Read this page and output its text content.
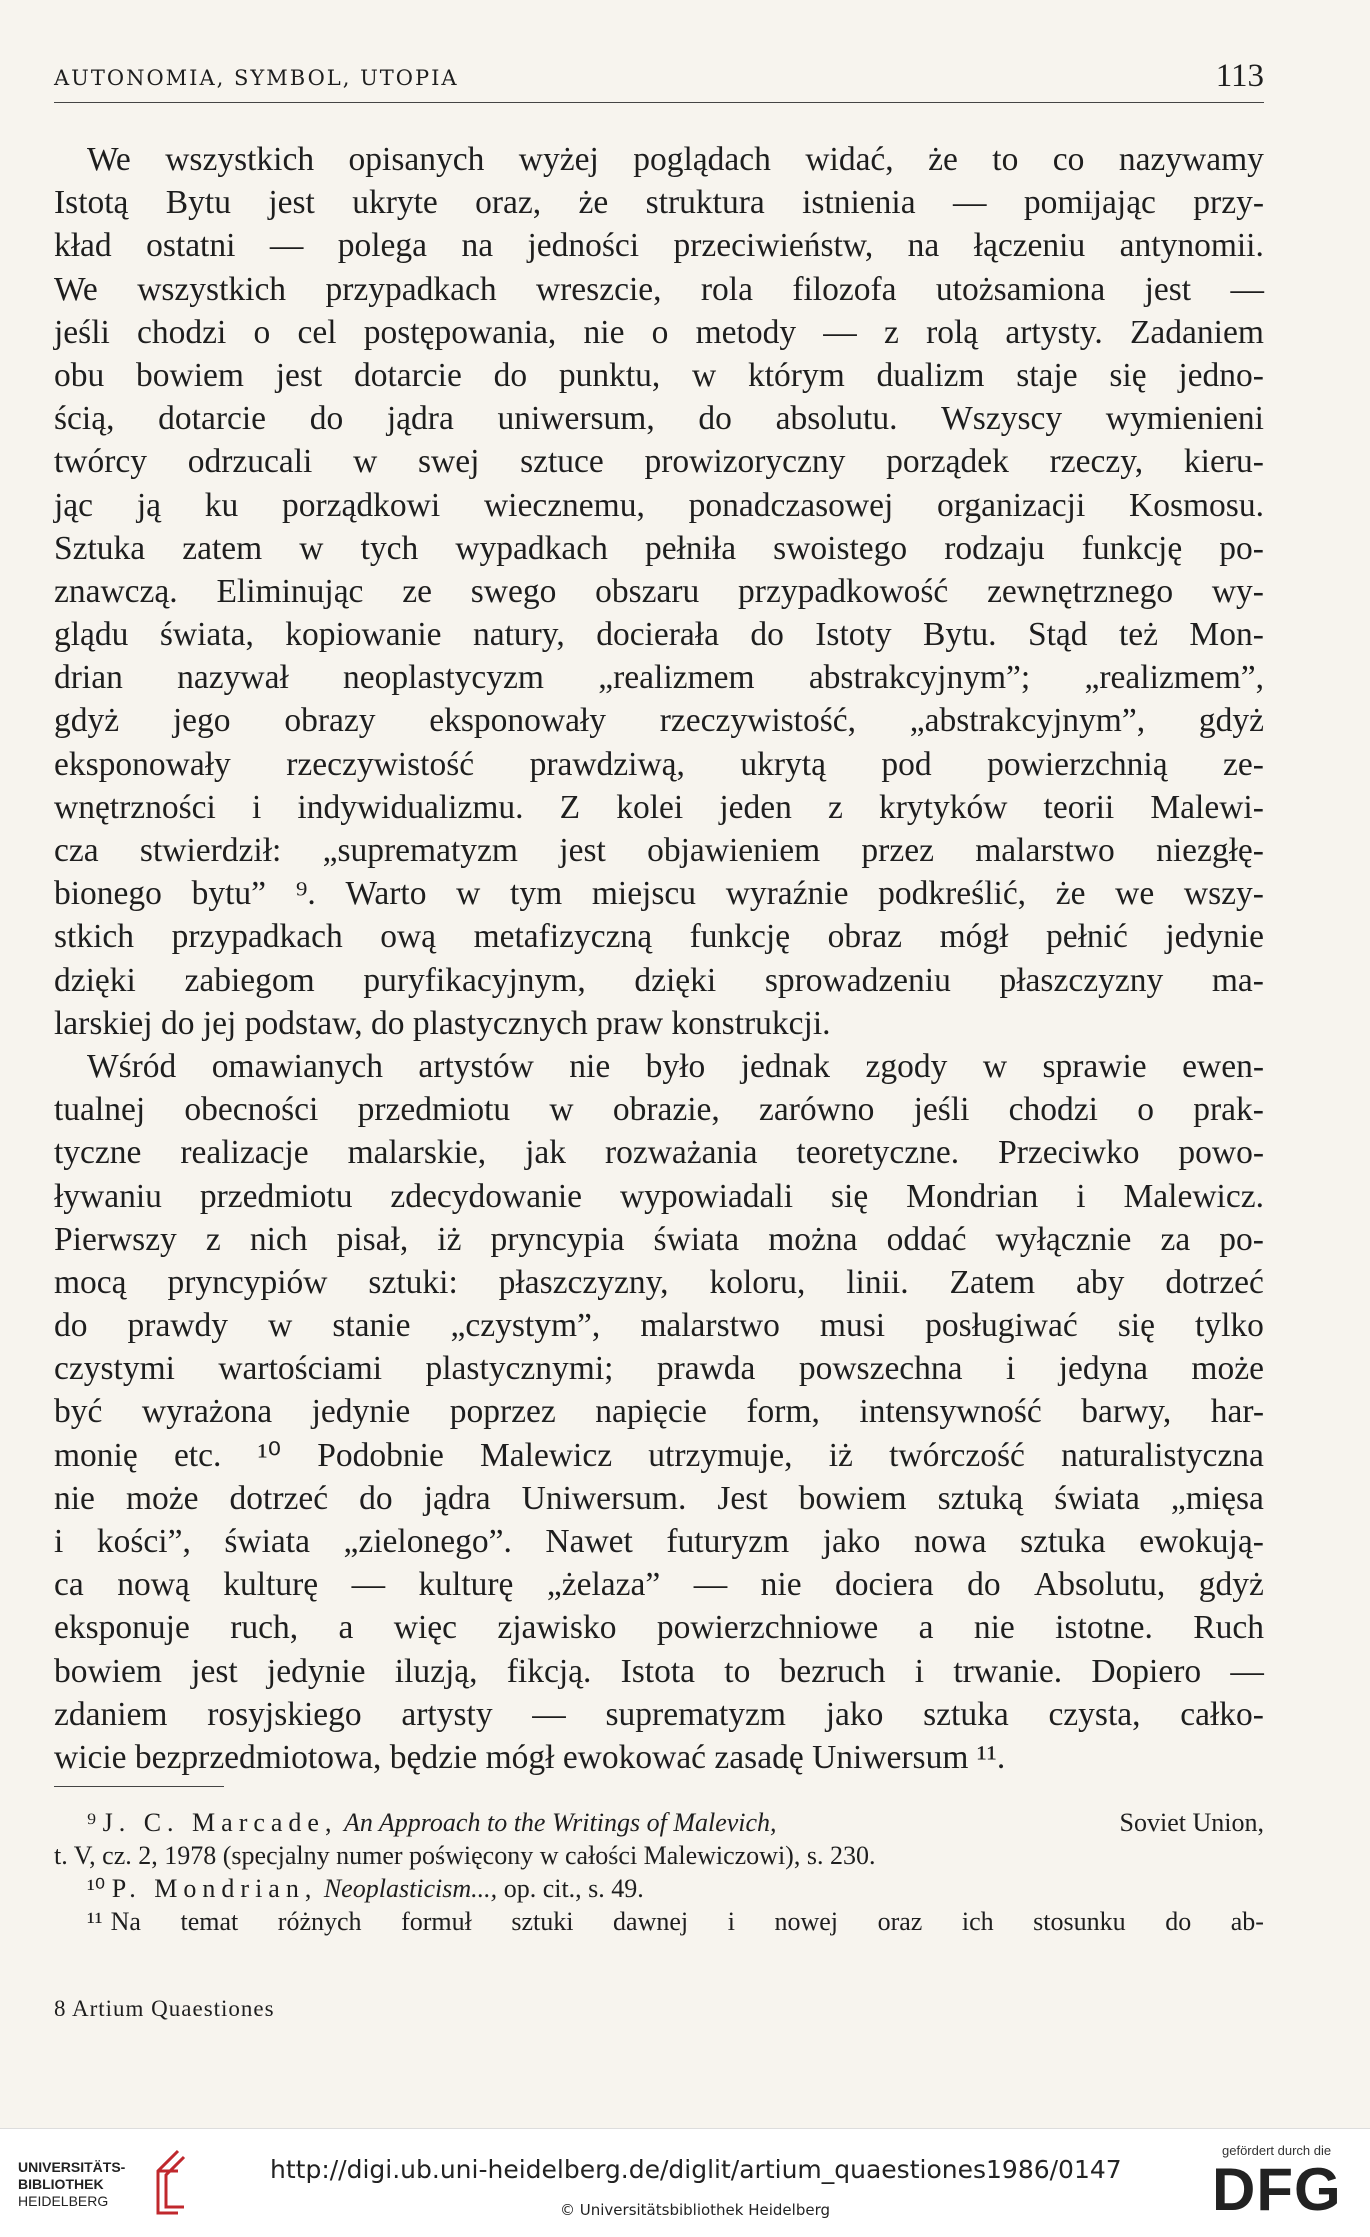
AUTONOMIA, SYMBOL, UTOPIA	113
We wszystkich opisanych wyżej poglądach widać, że to co nazywamy
Istotą Bytu jest ukryte oraz, że struktura istnienia — pomijając przy-
kład ostatni — polega na jedności przeciwieństw, na łączeniu antynomii.
We wszystkich przypadkach wreszcie, rola filozofa utożsamiona jest —
jeśli chodzi o cel postępowania, nie o metody — z rolą artysty. Zadaniem
obu bowiem jest dotarcie do punktu, w którym dualizm staje się jedno-
ścią, dotarcie do jądra uniwersum, do absolutu. Wszyscy wymienieni
twórcy odrzucali w swej sztuce prowizoryczny porządek rzeczy, kieru-
jąc ją ku porządkowi wiecznemu, ponadczasowej organizacji Kosmosu.
Sztuka zatem w tych wypadkach pełniła swoistego rodzaju funkcję po-
znawczą. Eliminując ze swego obszaru przypadkowość zewnętrznego wy-
glądu świata, kopiowanie natury, docierała do Istoty Bytu. Stąd też Mon-
drian nazywał neoplastycyzm „realizmem abstrakcyjnym”; „realizmem”,
gdyż jego obrazy eksponowały rzeczywistość, „abstrakcyjnym”, gdyż
eksponowały rzeczywistość prawdziwą, ukrytą pod powierzchnią ze-
wnętrzności i indywidualizmu. Z kolei jeden z krytyków teorii Malewi-
cza stwierdził: „suprematyzm jest objawieniem przez malarstwo niezgłę-
bionego bytu” ⁹. Warto w tym miejscu wyraźnie podkreślić, że we wszy-
stkich przypadkach ową metafizyczną funkcję obraz mógł pełnić jedynie
dzięki zabiegom puryfikacyjnym, dzięki sprowadzeniu płaszczyzny ma-
larskiej do jej podstaw, do plastycznych praw konstrukcji.
Wśród omawianych artystów nie było jednak zgody w sprawie ewen-
tualnej obecności przedmiotu w obrazie, zarówno jeśli chodzi o prak-
tyczne realizacje malarskie, jak rozważania teoretyczne. Przeciwko powo-
ływaniu przedmiotu zdecydowanie wypowiadali się Mondrian i Malewicz.
Pierwszy z nich pisał, iż pryncypia świata można oddać wyłącznie za po-
mocą pryncypiów sztuki: płaszczyzny, koloru, linii. Zatem aby dotrzeć
do prawdy w stanie „czystym”, malarstwo musi posługiwać się tylko
czystymi wartościami plastycznymi; prawda powszechna i jedyna może
być wyrażona jedynie poprzez napięcie form, intensywność barwy, har-
monię etc. ¹⁰ Podobnie Malewicz utrzymuje, iż twórczość naturalistyczna
nie może dotrzeć do jądra Uniwersum. Jest bowiem sztuką świata „mięsa
i kości”, świata „zielonego”. Nawet futuryzm jako nowa sztuka ewokują-
ca nową kulturę — kulturę „żelaza” — nie dociera do Absolutu, gdyż
eksponuje ruch, a więc zjawisko powierzchniowe a nie istotne. Ruch
bowiem jest jedynie iluzją, fikcją. Istota to bezruch i trwanie. Dopiero —
zdaniem rosyjskiego artysty — suprematyzm jako sztuka czysta, całko-
wicie bezprzedmiotowa, będzie mógł ewokować zasadę Uniwersum ¹¹.
⁹ J. C. Marcade, An Approach to the Writings of Malevich,	Soviet Union,
t. V, cz. 2, 1978 (specjalny numer poświęcony w całości Malewiczowi), s. 230.
¹⁰
P. Mondrian,
Neoplasticism...,
op. cit., s. 49.
¹¹ Na temat różnych formuł sztuki dawnej i nowej oraz ich stosunku do ab-
8 Artium Quaestiones
UNIVERSITÄTS-
BIBLIOTHEK
HEIDELBERG
http://digi.ub.uni-heidelberg.de/diglit/artium_quaestiones1986/0147
© Universitätsbibliothek Heidelberg
gefördert durch die
DFG
